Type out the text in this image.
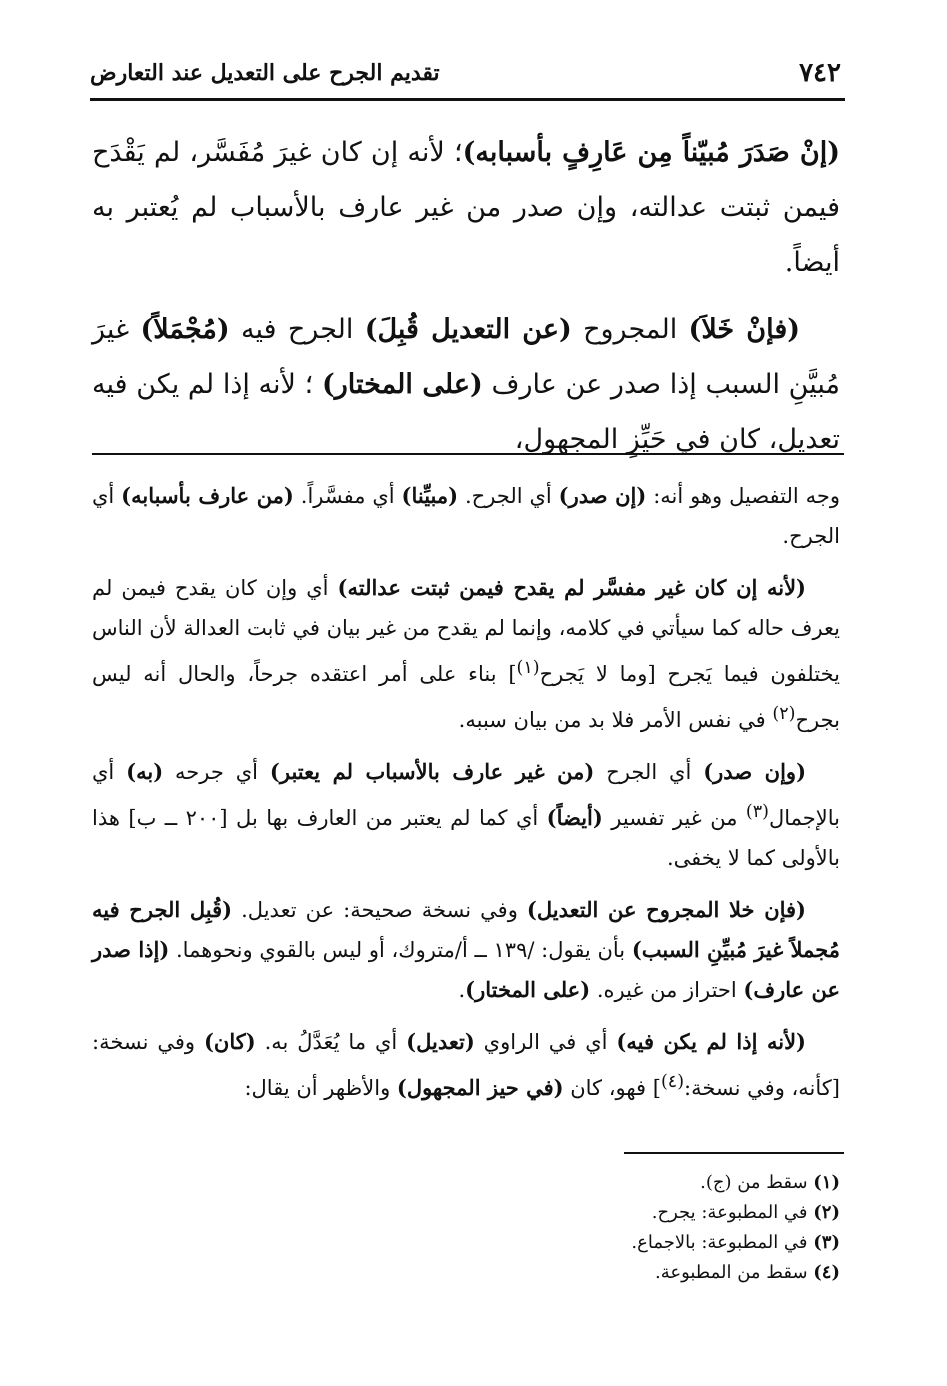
٧٤٢
تقديم الجرح على التعديل عند التعارض

(إنْ صَدَرَ مُبيّناً مِن عَارِفٍ بأسبابه)؛ لأنه إن كان غيرَ مُفَسَّر، لم يَقْدَح فيمن ثبتت عدالته، وإن صدر من غير عارف بالأسباب لم يُعتبر به أيضاً.

(فإنْ خَلاَ) المجروح (عن التعديل قُبِلَ) الجرح فيه (مُجْمَلاً) غيرَ مُبيَّنِ السبب إذا صدر عن عارف (على المختار) ؛ لأنه إذا لم يكن فيه تعديل، كان في حَيِّزِ المجهول،

وجه التفصيل وهو أنه: (إن صدر) أي الجرح. (مبيِّنا) أي مفسَّراً. (من عارف بأسبابه) أي الجرح.

(لأنه إن كان غير مفسَّر لم يقدح فيمن ثبتت عدالته) أي وإن كان يقدح فيمن لم يعرف حاله كما سيأتي في كلامه، وإنما لم يقدح من غير بيان في ثابت العدالة لأن الناس يختلفون فيما يَجرح [وما لا يَجرح$^{(١)}$] بناء على أمر اعتقده جرحاً، والحال أنه ليس بجرح$^{(٢)}$ في نفس الأمر فلا بد من بيان سببه.

(وإن صدر) أي الجرح (من غير عارف بالأسباب لم يعتبر) أي جرحه (به) أي بالإجمال$^{(٣)}$ من غير تفسير (أيضاً) أي كما لم يعتبر من العارف بها بل [٢٠٠ ــ ب] هذا بالأولى كما لا يخفى.

(فإن خلا المجروح عن التعديل) وفي نسخة صحيحة: عن تعديل. (قُبِل الجرح فيه مُجملاً غيرَ مُبيِّنِ السبب) بأن يقول: /١٣٩ ــ أ/متروك، أو ليس بالقوي ونحوهما. (إذا صدر عن عارف) احتراز من غيره. (على المختار).

(لأنه إذا لم يكن فيه) أي في الراوي (تعديل) أي ما يُعَدَّلُ به. (كان) وفي نسخة: [كأنه، وفي نسخة:$^{(٤)}$] فهو، كان (في حيز المجهول) والأظهر أن يقال:

(١) سقط من (ج).

(٢) في المطبوعة: يجرح.

(٣) في المطبوعة: بالاجماع.

(٤) سقط من المطبوعة.
